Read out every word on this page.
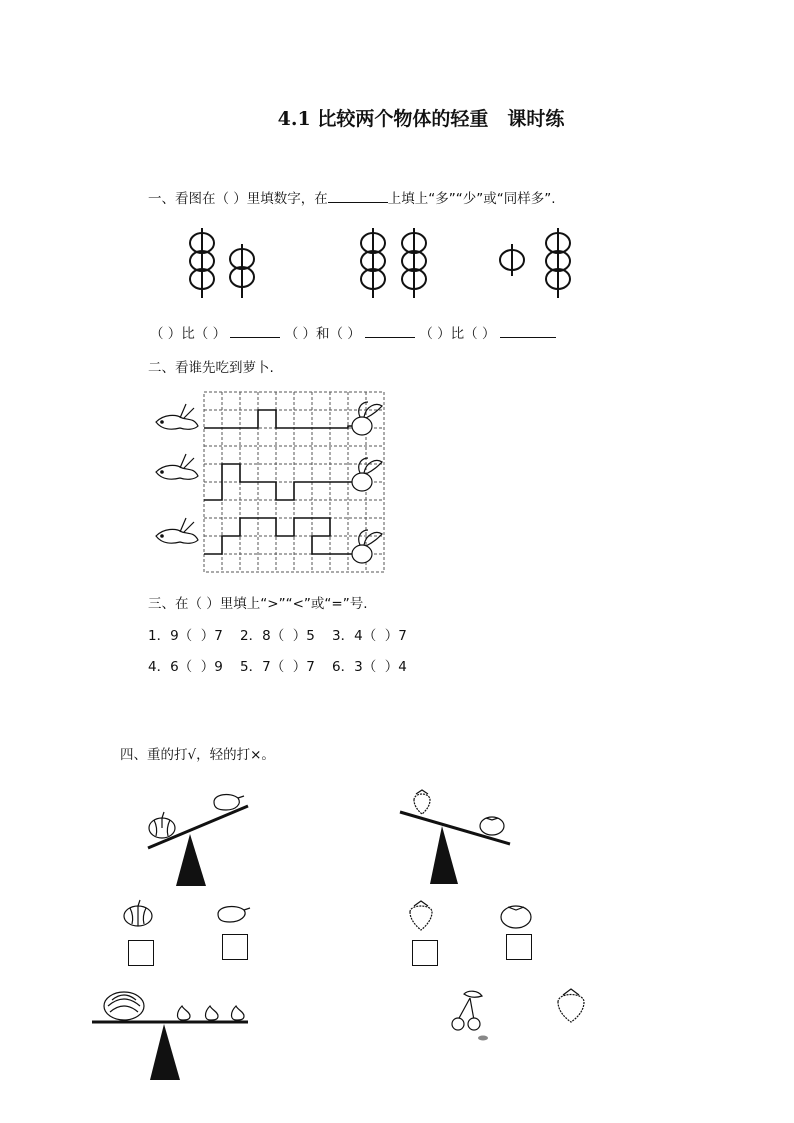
4.1 比较两个物体的轻重　课时练
一、看图在（ ）里填数字，在	上填上“多”“少”或“同样多”.
（ ）比（ ）	（ ）和（ ）	（ ）比（ ）
二、看谁先吃到萝卜.
三、在（ ）里填上“>”“<”或“=”号.
1．9（  ）7    2．8（  ）5    3．4（  ）7
4．6（  ）9    5．7（  ）7    6．3（  ）4
四、重的打√，轻的打×。
